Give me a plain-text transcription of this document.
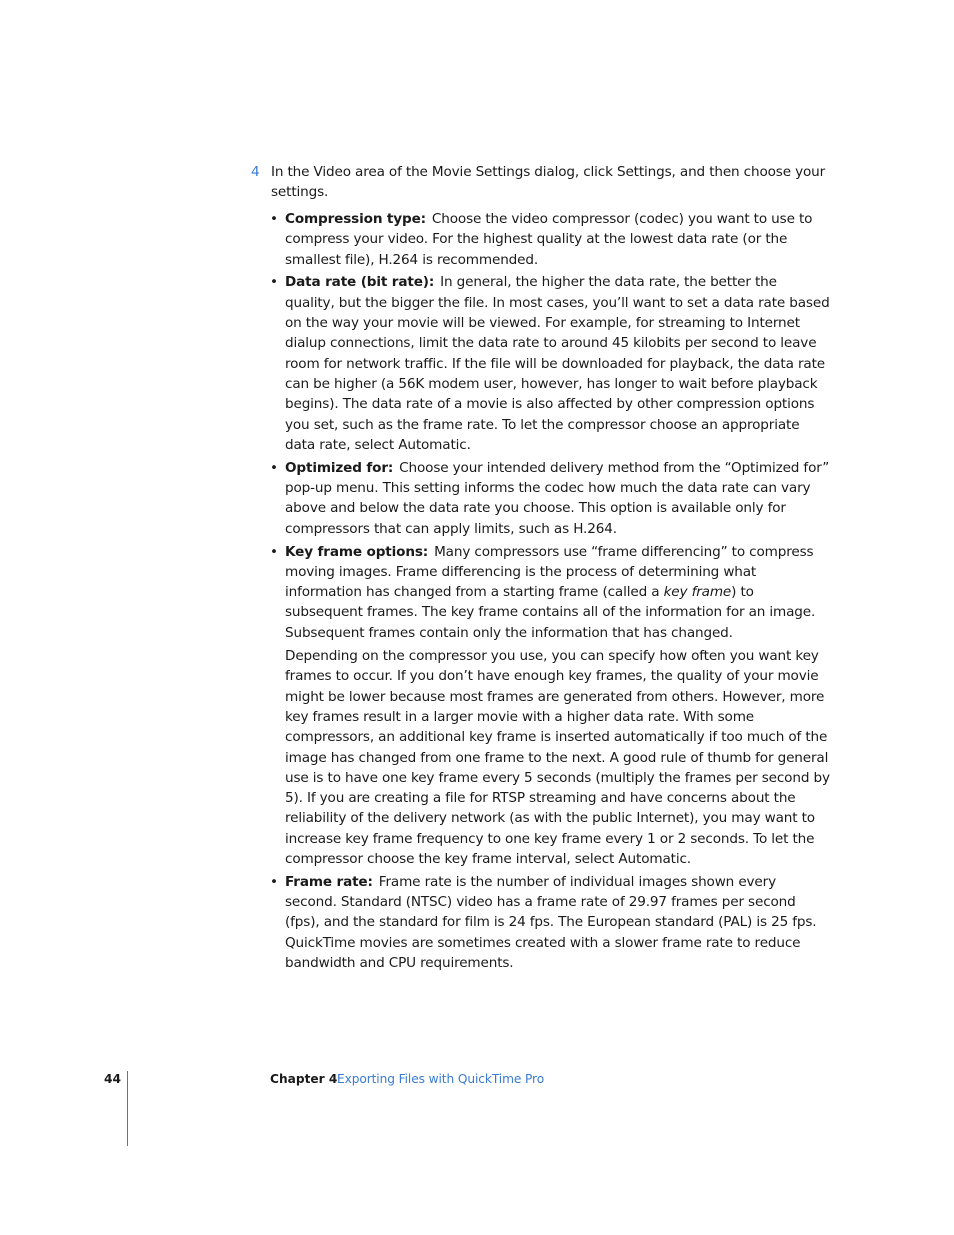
4 In the Video area of the Movie Settings dialog, click Settings, and then choose your settings.
• Compression type: Choose the video compressor (codec) you want to use to compress your video. For the highest quality at the lowest data rate (or the smallest file), H.264 is recommended.
• Data rate (bit rate): In general, the higher the data rate, the better the quality, but the bigger the file. In most cases, you’ll want to set a data rate based on the way your movie will be viewed. For example, for streaming to Internet dialup connections, limit the data rate to around 45 kilobits per second to leave room for network traffic. If the file will be downloaded for playback, the data rate can be higher (a 56K modem user, however, has longer to wait before playback begins). The data rate of a movie is also affected by other compression options you set, such as the frame rate. To let the compressor choose an appropriate data rate, select Automatic.
• Optimized for: Choose your intended delivery method from the “Optimized for” pop-up menu. This setting informs the codec how much the data rate can vary above and below the data rate you choose. This option is available only for compressors that can apply limits, such as H.264.
• Key frame options: Many compressors use “frame differencing” to compress moving images. Frame differencing is the process of determining what information has changed from a starting frame (called a key frame) to subsequent frames. The key frame contains all of the information for an image. Subsequent frames contain only the information that has changed.
Depending on the compressor you use, you can specify how often you want key frames to occur. If you don’t have enough key frames, the quality of your movie might be lower because most frames are generated from others. However, more key frames result in a larger movie with a higher data rate. With some compressors, an additional key frame is inserted automatically if too much of the image has changed from one frame to the next. A good rule of thumb for general use is to have one key frame every 5 seconds (multiply the frames per second by 5). If you are creating a file for RTSP streaming and have concerns about the reliability of the delivery network (as with the public Internet), you may want to increase key frame frequency to one key frame every 1 or 2 seconds. To let the compressor choose the key frame interval, select Automatic.
• Frame rate: Frame rate is the number of individual images shown every second. Standard (NTSC) video has a frame rate of 29.97 frames per second (fps), and the standard for film is 24 fps. The European standard (PAL) is 25 fps. QuickTime movies are sometimes created with a slower frame rate to reduce bandwidth and CPU requirements.
44	Chapter 4 Exporting Files with QuickTime Pro
